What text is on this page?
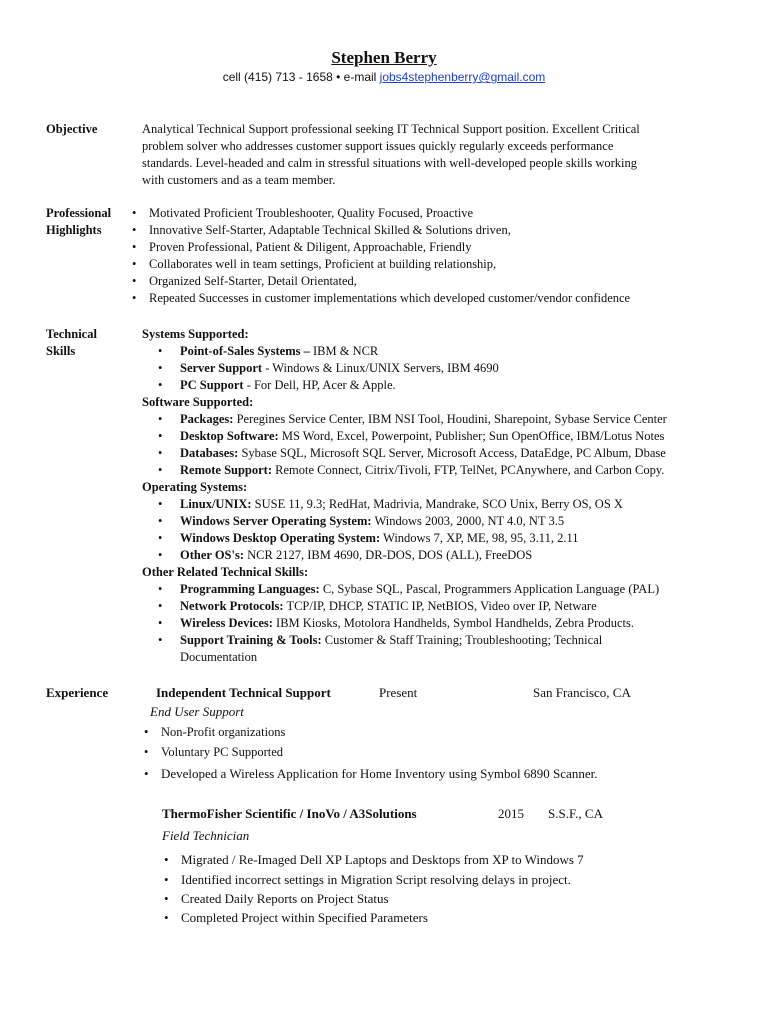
Stephen Berry
cell (415) 713 - 1658 • e-mail jobs4stephenberry@gmail.com
Objective	Analytical Technical Support professional seeking IT Technical Support position. Excellent Critical problem solver who addresses customer support issues quickly regularly exceeds performance standards. Level-headed and calm in stressful situations with well-developed people skills working with customers and as a team member.
Professional
Highlights
• Motivated Proficient Troubleshooter, Quality Focused, Proactive
• Innovative Self-Starter, Adaptable Technical Skilled & Solutions driven,
• Proven Professional, Patient & Diligent, Approachable, Friendly
• Collaborates well in team settings, Proficient at building relationship,
• Organized Self-Starter, Detail Orientated,
• Repeated Successes in customer implementations which developed customer/vendor confidence
Technical
Skills
Systems Supported:
• Point-of-Sales Systems – IBM & NCR
• Server Support - Windows & Linux/UNIX Servers, IBM 4690
• PC Support - For Dell, HP, Acer & Apple.
Software Supported:
• Packages: Peregines Service Center, IBM NSI Tool, Houdini, Sharepoint, Sybase Service Center
• Desktop Software: MS Word, Excel, Powerpoint, Publisher; Sun OpenOffice, IBM/Lotus Notes
• Databases: Sybase SQL, Microsoft SQL Server, Microsoft Access, DataEdge, PC Album, Dbase
• Remote Support: Remote Connect, Citrix/Tivoli, FTP, TelNet, PCAnywhere, and Carbon Copy.
Operating Systems:
• Linux/UNIX: SUSE 11, 9.3; RedHat, Madrivia, Mandrake, SCO Unix, Berry OS, OS X
• Windows Server Operating System: Windows 2003, 2000, NT 4.0, NT 3.5
• Windows Desktop Operating System: Windows 7, XP, ME, 98, 95, 3.11, 2.11
• Other OS's: NCR 2127, IBM 4690, DR-DOS, DOS (ALL), FreeDOS
Other Related Technical Skills:
• Programming Languages: C, Sybase SQL, Pascal, Programmers Application Language (PAL)
• Network Protocols: TCP/IP, DHCP, STATIC IP, NetBIOS, Video over IP, Netware
• Wireless Devices: IBM Kiosks, Motolora Handhelds, Symbol Handhelds, Zebra Products.
• Support Training & Tools: Customer & Staff Training; Troubleshooting; Technical Documentation
Experience	Independent Technical Support	Present	San Francisco, CA
End User Support
• Non-Profit organizations
• Voluntary PC Supported
• Developed a Wireless Application for Home Inventory using Symbol 6890 Scanner.
ThermoFisher Scientific / InoVo / A3Solutions	2015 S.S.F., CA
Field Technician
• Migrated / Re-Imaged Dell XP Laptops and Desktops from XP to Windows 7
• Identified incorrect settings in Migration Script resolving delays in project.
• Created Daily Reports on Project Status
• Completed Project within Specified Parameters
